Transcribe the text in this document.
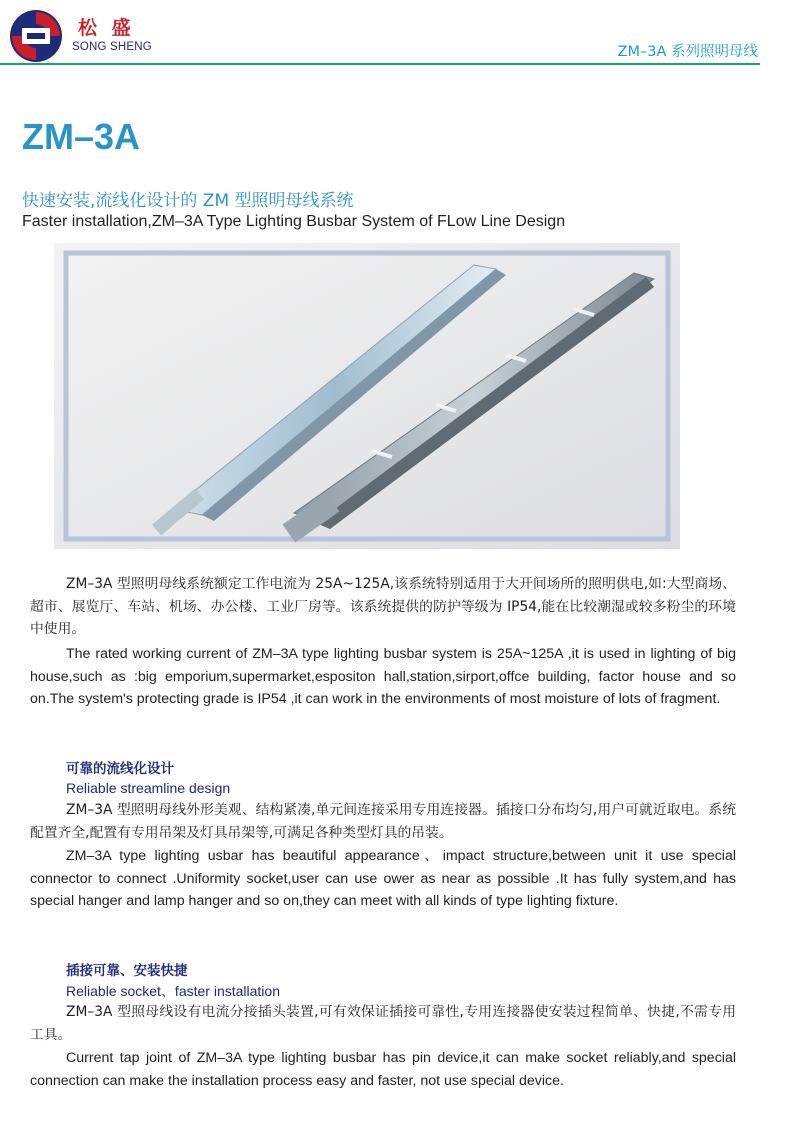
松 盛
SONG SHENG	ZM–3A 系列照明母线
ZM–3A
快速安装,流线化设计的 ZM 型照明母线系统
Faster installation,ZM–3A Type Lighting Busbar System of FLow Line Design
ZM–3A 型照明母线系统额定工作电流为 25A~125A,该系统特别适用于大开间场所的照明供电,如:大型商场、超市、展览厅、车站、机场、办公楼、工业厂房等。该系统提供的防护等级为 IP54,能在比较潮湿或较多粉尘的环境中使用。
The rated working current of ZM–3A type lighting busbar system is 25A~125A ,it is used in lighting of big house,such as :big emporium,supermarket,espositon hall,station,sirport,offce building, factor house and so on.The system's protecting grade is IP54 ,it can work in the environments of most moisture of lots of fragment.
可靠的流线化设计
Reliable streamline design
ZM–3A 型照明母线外形美观、结构紧凑,单元间连接采用专用连接器。插接口分布均匀,用户可就近取电。系统配置齐全,配置有专用吊架及灯具吊架等,可满足各种类型灯具的吊装。
ZM–3A type lighting usbar has beautiful appearance、impact structure,between unit it use special connector to connect .Uniformity socket,user can use ower as near as possible .It has fully system,and has special hanger and lamp hanger and so on,they can meet with all kinds of type lighting fixture.
插接可靠、安装快捷
Reliable socket、faster installation
ZM–3A 型照母线设有电流分接插头装置,可有效保证插接可靠性,专用连接器使安装过程简单、快捷,不需专用工具。
Current tap joint of ZM–3A type lighting busbar has pin device,it can make socket reliably,and special connection can make the installation process easy and faster, not use special device.
